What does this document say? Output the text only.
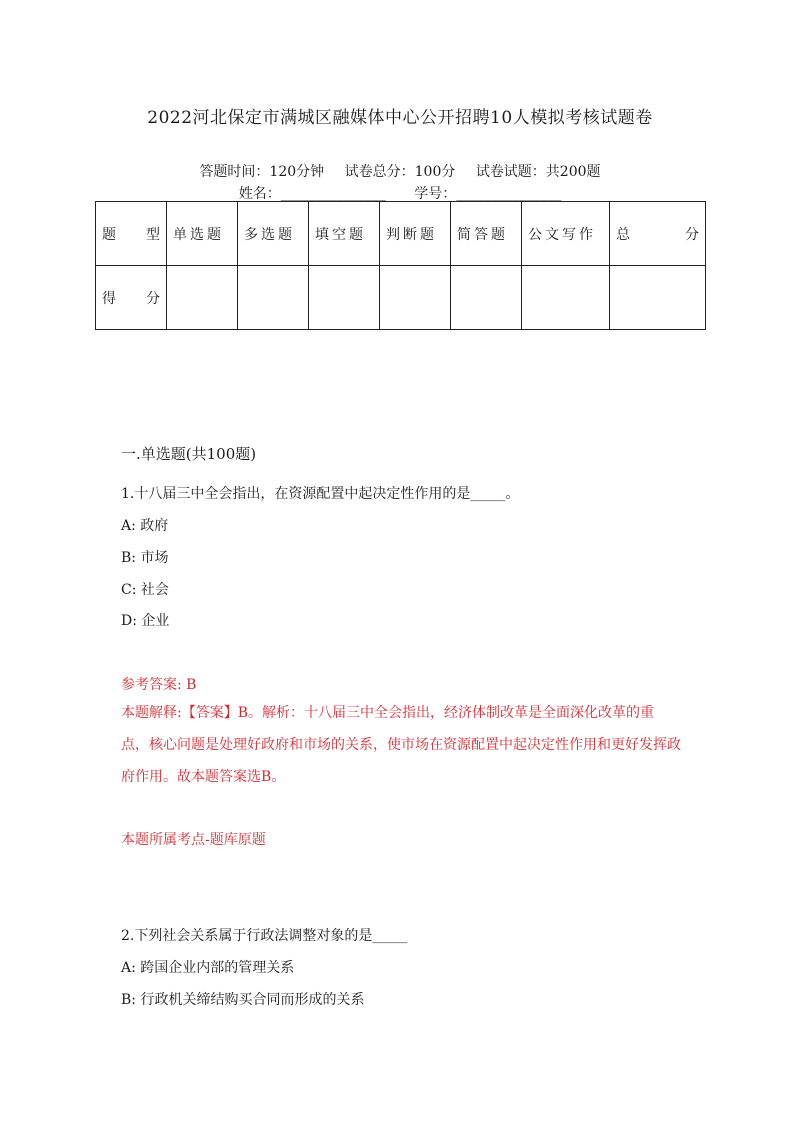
2022河北保定市满城区融媒体中心公开招聘10人模拟考核试题卷
答题时间：120分钟 试卷总分：100分 试卷试题：共200题
姓名：_______________ 学号：_______________
题 型	单选题	多选题	填空题	判断题	简答题	公文写作	总 分

得 分							

一.单选题(共100题)
1.十八届三中全会指出，在资源配置中起决定性作用的是_____。
A: 政府
B: 市场
C: 社会
D: 企业
参考答案: B
本题解释:【答案】B。解析：十八届三中全会指出，经济体制改革是全面深化改革的重点，核心问题是处理好政府和市场的关系，使市场在资源配置中起决定性作用和更好发挥政府作用。故本题答案选B。
本题所属考点-题库原题
2.下列社会关系属于行政法调整对象的是_____
A: 跨国企业内部的管理关系
B: 行政机关缔结购买合同而形成的关系
